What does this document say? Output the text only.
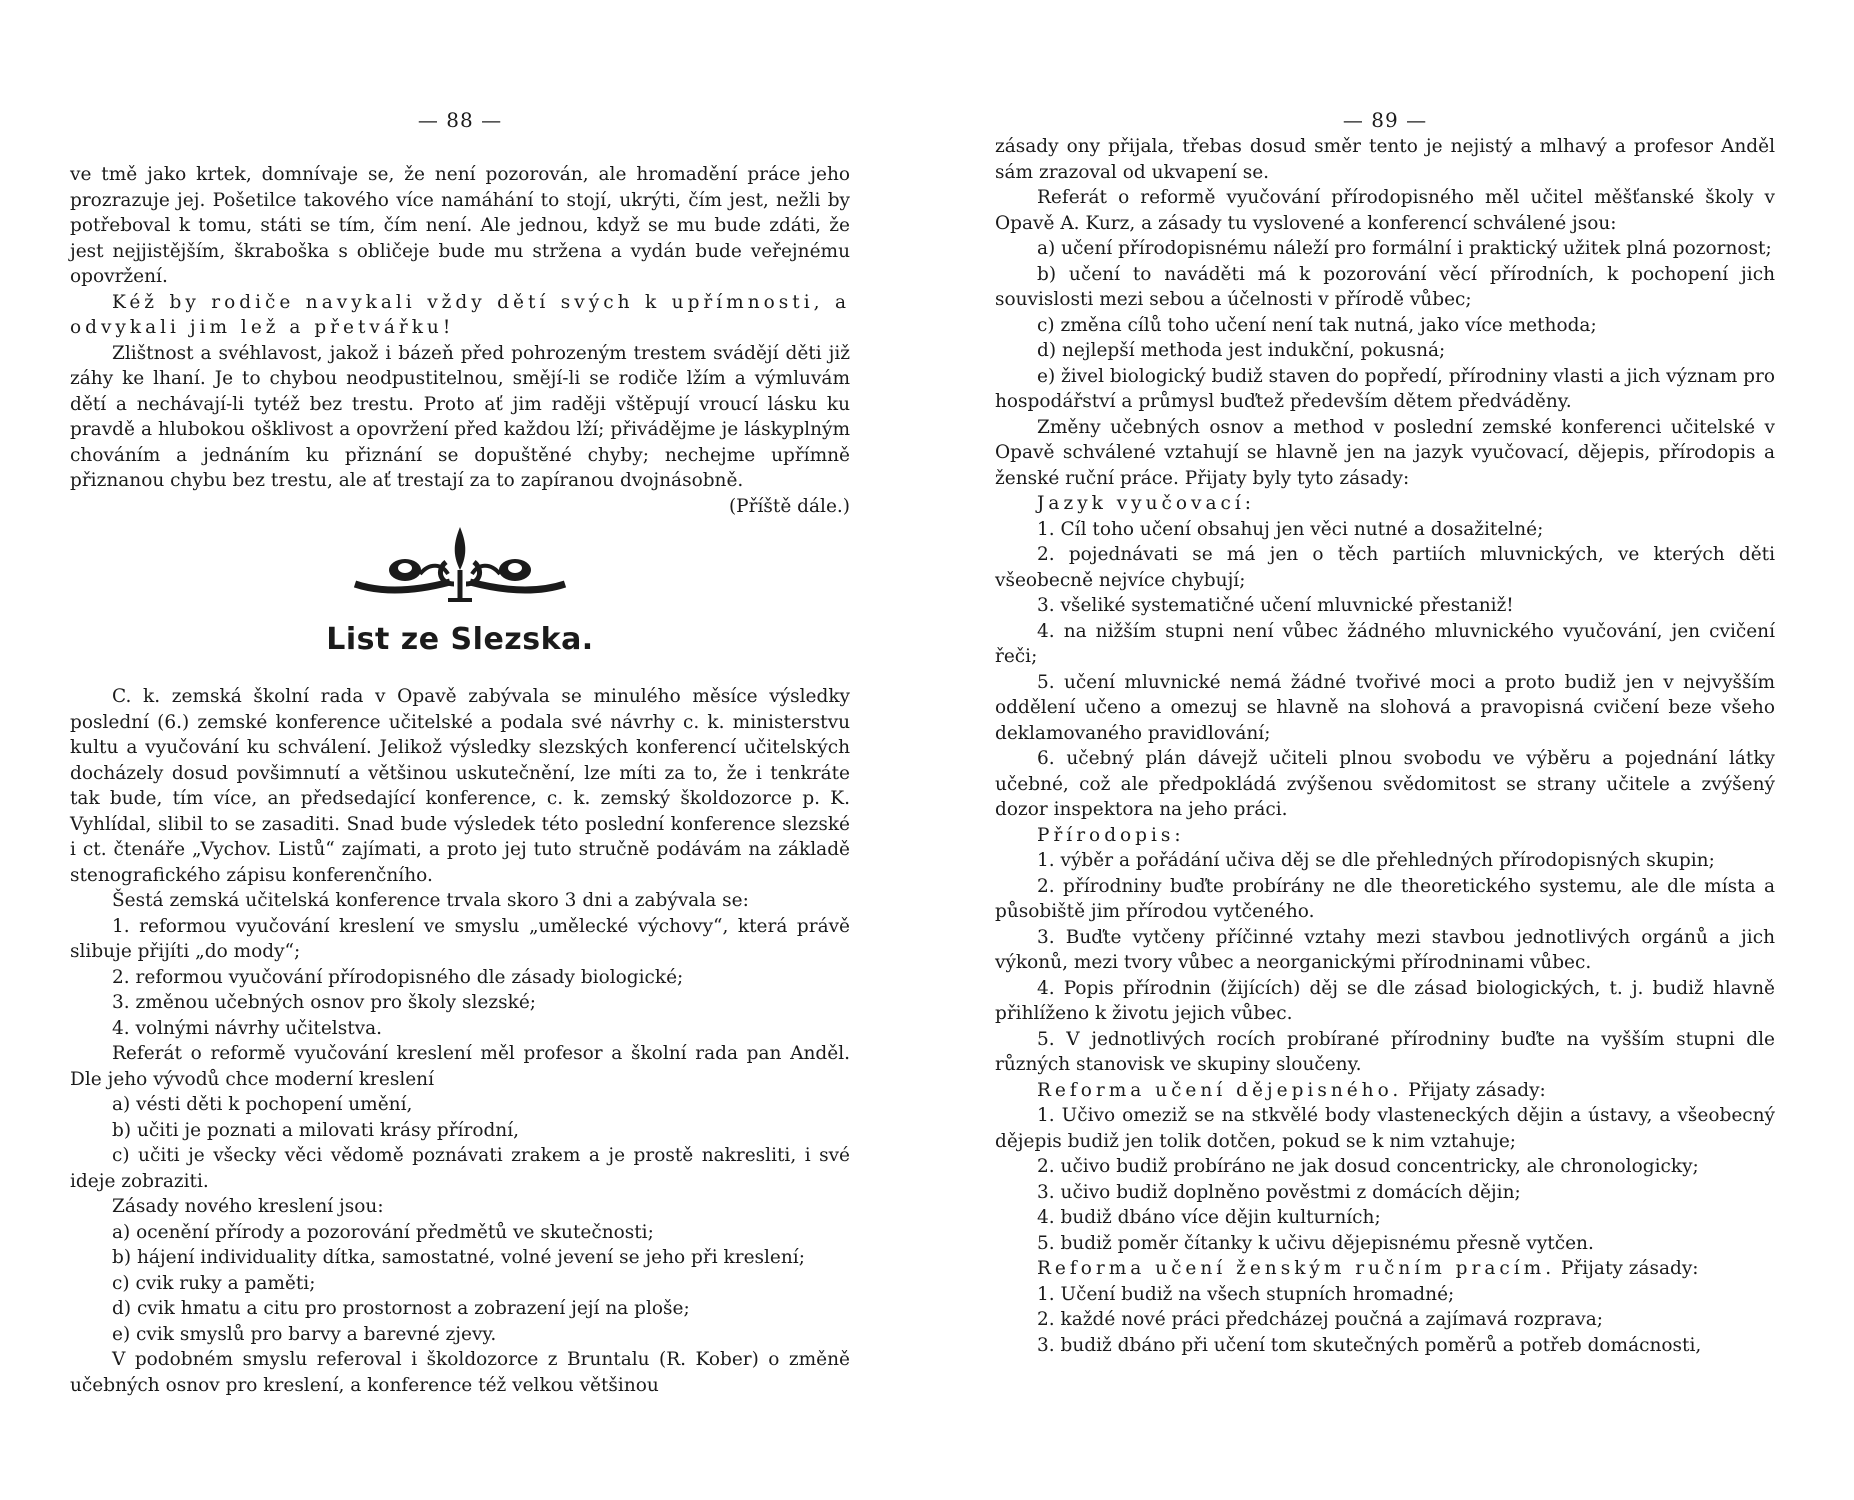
— 88 —

ve tmě jako krtek, domnívaje se, že není pozorován, ale hromadění práce jeho prozrazuje jej. Pošetilce takového více namáhání to stojí, ukrýti, čím jest, nežli by potřeboval k tomu, státi se tím, čím není. Ale jednou, když se mu bude zdáti, že jest nejjistějším, škraboška s obličeje bude mu stržena a vydán bude veřejnému opovržení.

Kéž by rodiče navykali vždy dětí svých k upřímnosti, a odvykali jim lež a přetvářku!

Zlištnost a svéhlavost, jakož i bázeň před pohrozeným trestem svádějí děti již záhy ke lhaní. Je to chybou neodpustitelnou, smějí-li se rodiče lžím a výmluvám dětí a nechávají-li tytéž bez trestu. Proto ať jim raději vštěpují vroucí lásku ku pravdě a hlubokou ošklivost a opovržení před každou lží; přivádějme je láskyplným chováním a jednáním ku přiznání se dopuštěné chyby; nechejme upřímně přiznanou chybu bez trestu, ale ať trestají za to zapíranou dvojnásobně.
(Příště dále.)

List ze Slezska.

C. k. zemská školní rada v Opavě zabývala se minulého měsíce výsledky poslední (6.) zemské konference učitelské a podala své návrhy c. k. ministerstvu kultu a vyučování ku schválení. Jelikož výsledky slezských konferencí učitelských docházely dosud povšimnutí a většinou uskutečnění, lze míti za to, že i tenkráte tak bude, tím více, an předsedající konference, c. k. zemský školdozorce p. K. Vyhlídal, slibil to se zasaditi. Snad bude výsledek této poslední konference slezské i ct. čtenáře „Vychov. Listů“ zajímati, a proto jej tuto stručně podávám na základě stenografického zápisu konferenčního.

Šestá zemská učitelská konference trvala skoro 3 dni a zabývala se:

1. reformou vyučování kreslení ve smyslu „umělecké výchovy“, která právě slibuje přijíti „do mody“;

2. reformou vyučování přírodopisného dle zásady biologické;

3. změnou učebných osnov pro školy slezské;

4. volnými návrhy učitelstva.

Referát o reformě vyučování kreslení měl profesor a školní rada pan Anděl. Dle jeho vývodů chce moderní kreslení

a) vésti děti k pochopení umění,

b) učiti je poznati a milovati krásy přírodní,

c) učiti je všecky věci vědomě poznávati zrakem a je prostě nakresliti, i své ideje zobraziti.

Zásady nového kreslení jsou:

a) ocenění přírody a pozorování předmětů ve skutečnosti;

b) hájení individuality dítka, samostatné, volné jevení se jeho při kreslení;

c) cvik ruky a paměti;

d) cvik hmatu a citu pro prostornost a zobrazení její na ploše;

e) cvik smyslů pro barvy a barevné zjevy.

V podobném smyslu referoval i školdozorce z Bruntalu (R. Kober) o změně učebných osnov pro kreslení, a konference též velkou většinou

— 89 —

zásady ony přijala, třebas dosud směr tento je nejistý a mlhavý a profesor Anděl sám zrazoval od ukvapení se.

Referát o reformě vyučování přírodopisného měl učitel měšťanské školy v Opavě A. Kurz, a zásady tu vyslovené a konferencí schválené jsou:

a) učení přírodopisnému náleží pro formální i praktický užitek plná pozornost;

b) učení to naváděti má k pozorování věcí přírodních, k pochopení jich souvislosti mezi sebou a účelnosti v přírodě vůbec;

c) změna cílů toho učení není tak nutná, jako více methoda;

d) nejlepší methoda jest indukční, pokusná;

e) živel biologický budiž staven do popředí, přírodniny vlasti a jich význam pro hospodářství a průmysl buďtež především dětem předváděny.

Změny učebných osnov a method v poslední zemské konferenci učitelské v Opavě schválené vztahují se hlavně jen na jazyk vyučovací, dějepis, přírodopis a ženské ruční práce. Přijaty byly tyto zásady:

Jazyk vyučovací:

1. Cíl toho učení obsahuj jen věci nutné a dosažitelné;

2. pojednávati se má jen o těch partiích mluvnických, ve kterých děti všeobecně nejvíce chybují;

3. všeliké systematičné učení mluvnické přestaniž!

4. na nižším stupni není vůbec žádného mluvnického vyučování, jen cvičení řeči;

5. učení mluvnické nemá žádné tvořivé moci a proto budiž jen v nejvyšším oddělení učeno a omezuj se hlavně na slohová a pravopisná cvičení beze všeho deklamovaného pravidlování;

6. učebný plán dávejž učiteli plnou svobodu ve výběru a pojednání látky učebné, což ale předpokládá zvýšenou svědomitost se strany učitele a zvýšený dozor inspektora na jeho práci.

Přírodopis:

1. výběr a pořádání učiva děj se dle přehledných přírodopisných skupin;

2. přírodniny buďte probírány ne dle theoretického systemu, ale dle místa a působiště jim přírodou vytčeného.

3. Buďte vytčeny příčinné vztahy mezi stavbou jednotlivých orgánů a jich výkonů, mezi tvory vůbec a neorganickými přírodninami vůbec.

4. Popis přírodnin (žijících) děj se dle zásad biologických, t. j. budiž hlavně přihlíženo k životu jejich vůbec.

5. V jednotlivých rocích probírané přírodniny buďte na vyšším stupni dle různých stanovisk ve skupiny sloučeny.

Reforma učení dějepisného. Přijaty zásady:

1. Učivo omeziž se na stkvělé body vlasteneckých dějin a ústavy, a všeobecný dějepis budiž jen tolik dotčen, pokud se k nim vztahuje;

2. učivo budiž probíráno ne jak dosud concentricky, ale chronologicky;

3. učivo budiž doplněno pověstmi z domácích dějin;

4. budiž dbáno více dějin kulturních;

5. budiž poměr čítanky k učivu dějepisnému přesně vytčen.

Reforma učení ženským ručním pracím. Přijaty zásady:

1. Učení budiž na všech stupních hromadné;

2. každé nové práci předcházej poučná a zajímavá rozprava;

3. budiž dbáno při učení tom skutečných poměrů a potřeb domácnosti,
